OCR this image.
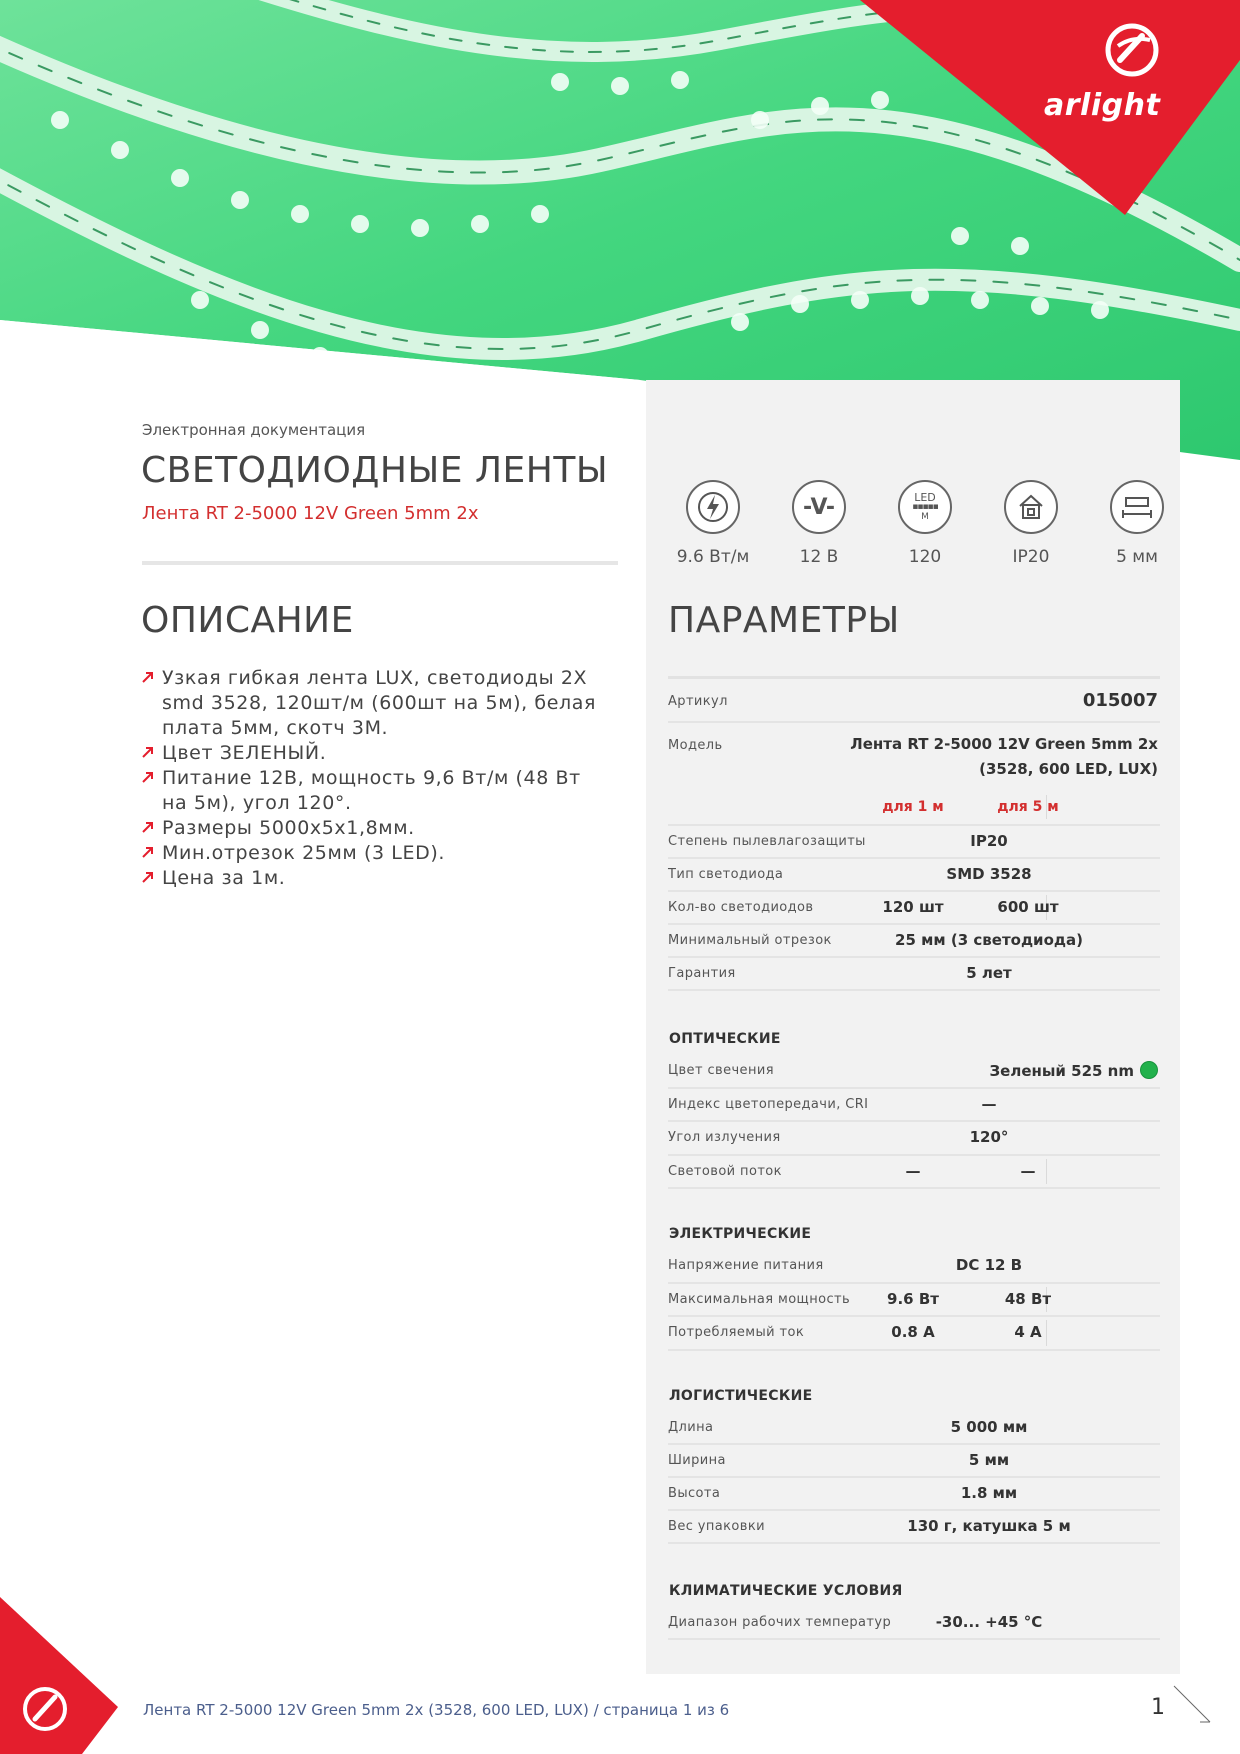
arlight
Электронная документация
СВЕТОДИОДНЫЕ ЛЕНТЫ
Лента RT 2-5000 12V Green 5mm 2x
ОПИСАНИЕ
Узкая гибкая лента LUX, светодиоды 2X smd 3528, 120шт/м (600шт на 5м), белая плата 5мм, скотч 3М.
Цвет ЗЕЛЕНЫЙ.
Питание 12В, мощность 9,6 Вт/м (48 Вт на 5м), угол 120°.
Размеры 5000x5x1,8мм.
Мин.отрезок 25мм (3 LED).
Цена за 1м.
9.6 Вт/м
-V-
12 В
LED
▪▪▪▪▪
М
120	IP20	5 мм
ПАРАМЕТРЫ
Артикул	015007
Модель	Лента RT 2-5000 12V Green 5mm 2x
(3528, 600 LED, LUX)
для 1 м	для 5 м
Степень пылевлагозащиты	IP20
Тип светодиода	SMD 3528
Кол-во светодиодов	120 шт	600 шт
Минимальный отрезок	25 мм (3 светодиода)
Гарантия	5 лет
ОПТИЧЕСКИЕ
Цвет свечения	Зеленый 525 nm
Индекс цветопередачи, CRI	—
Угол излучения	120°
Световой поток	—	—
ЭЛЕКТРИЧЕСКИЕ
Напряжение питания	DC 12 В
Максимальная мощность	9.6 Вт	48 Вт
Потребляемый ток	0.8 А	4 А
ЛОГИСТИЧЕСКИЕ
Длина	5 000 мм
Ширина	5 мм
Высота	1.8 мм
Вес упаковки	130 г, катушка 5 м
КЛИМАТИЧЕСКИЕ УСЛОВИЯ
Диапазон рабочих температур	-30... +45 °C
Лента RT 2-5000 12V Green 5mm 2x (3528, 600 LED, LUX) / страница 1 из 6	1
